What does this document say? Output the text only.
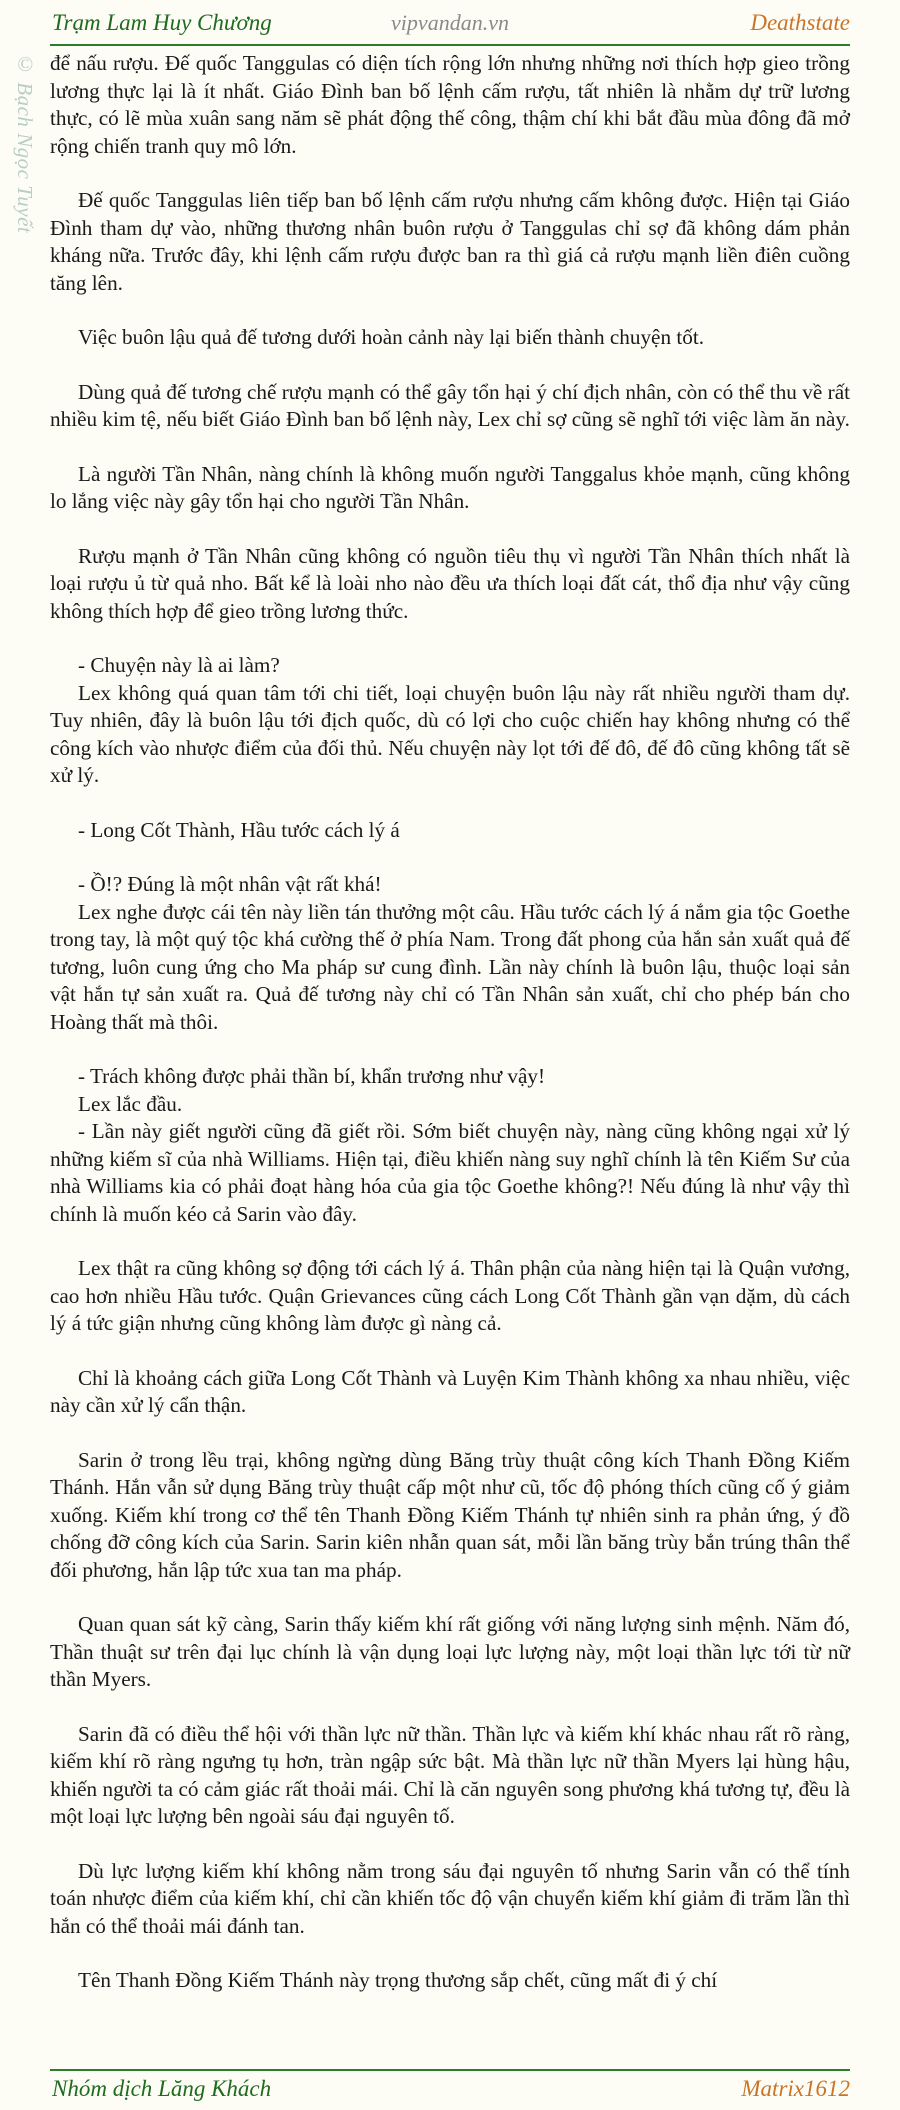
Trạm Lam Huy Chương	vipvandan.vn	Deathstate
© Bạch Ngọc Tuyết để nấu rượu. Đế quốc Tanggulas có diện tích rộng lớn nhưng những nơi thích hợp gieo trồng lương thực lại là ít nhất. Giáo Đình ban bố lệnh cấm rượu, tất nhiên là nhằm dự trữ lương thực, có lẽ mùa xuân sang năm sẽ phát động thế công, thậm chí khi bắt đầu mùa đông đã mở rộng chiến tranh quy mô lớn.

Đế quốc Tanggulas liên tiếp ban bố lệnh cấm rượu nhưng cấm không được. Hiện tại Giáo Đình tham dự vào, những thương nhân buôn rượu ở Tanggulas chỉ sợ đã không dám phản kháng nữa. Trước đây, khi lệnh cấm rượu được ban ra thì giá cả rượu mạnh liền điên cuồng tăng lên.

Việc buôn lậu quả đế tương dưới hoàn cảnh này lại biến thành chuyện tốt.

Dùng quả đế tương chế rượu mạnh có thể gây tổn hại ý chí địch nhân, còn có thể thu về rất nhiều kim tệ, nếu biết Giáo Đình ban bố lệnh này, Lex chỉ sợ cũng sẽ nghĩ tới việc làm ăn này.

Là người Tần Nhân, nàng chính là không muốn người Tanggalus khỏe mạnh, cũng không lo lắng việc này gây tổn hại cho người Tần Nhân.

Rượu mạnh ở Tần Nhân cũng không có nguồn tiêu thụ vì người Tần Nhân thích nhất là loại rượu ủ từ quả nho. Bất kể là loài nho nào đều ưa thích loại đất cát, thổ địa như vậy cũng không thích hợp để gieo trồng lương thức.

- Chuyện này là ai làm?

Lex không quá quan tâm tới chi tiết, loại chuyện buôn lậu này rất nhiều người tham dự. Tuy nhiên, đây là buôn lậu tới địch quốc, dù có lợi cho cuộc chiến hay không nhưng có thể công kích vào nhược điểm của đối thủ. Nếu chuyện này lọt tới đế đô, đế đô cũng không tất sẽ xử lý.

- Long Cốt Thành, Hầu tước cách lý á

- Ồ!? Đúng là một nhân vật rất khá!

Lex nghe được cái tên này liền tán thưởng một câu. Hầu tước cách lý á nắm gia tộc Goethe trong tay, là một quý tộc khá cường thế ở phía Nam. Trong đất phong của hắn sản xuất quả đế tương, luôn cung ứng cho Ma pháp sư cung đình. Lần này chính là buôn lậu, thuộc loại sản vật hắn tự sản xuất ra. Quả đế tương này chỉ có Tần Nhân sản xuất, chỉ cho phép bán cho Hoàng thất mà thôi.

- Trách không được phải thần bí, khẩn trương như vậy!

Lex lắc đầu.

- Lần này giết người cũng đã giết rồi. Sớm biết chuyện này, nàng cũng không ngại xử lý những kiếm sĩ của nhà Williams. Hiện tại, điều khiến nàng suy nghĩ chính là tên Kiếm Sư của nhà Williams kia có phải đoạt hàng hóa của gia tộc Goethe không?! Nếu đúng là như vậy thì chính là muốn kéo cả Sarin vào đây.

Lex thật ra cũng không sợ động tới cách lý á. Thân phận của nàng hiện tại là Quận vương, cao hơn nhiều Hầu tước. Quận Grievances cũng cách Long Cốt Thành gần vạn dặm, dù cách lý á tức giận nhưng cũng không làm được gì nàng cả.

Chỉ là khoảng cách giữa Long Cốt Thành và Luyện Kim Thành không xa nhau nhiều, việc này cần xử lý cẩn thận.

Sarin ở trong lều trại, không ngừng dùng Băng trùy thuật công kích Thanh Đồng Kiếm Thánh. Hắn vẫn sử dụng Băng trùy thuật cấp một như cũ, tốc độ phóng thích cũng cố ý giảm xuống. Kiếm khí trong cơ thể tên Thanh Đồng Kiếm Thánh tự nhiên sinh ra phản ứng, ý đồ chống đỡ công kích của Sarin. Sarin kiên nhẫn quan sát, mỗi lần băng trùy bắn trúng thân thể đối phương, hắn lập tức xua tan ma pháp.

Quan quan sát kỹ càng, Sarin thấy kiếm khí rất giống với năng lượng sinh mệnh. Năm đó, Thần thuật sư trên đại lục chính là vận dụng loại lực lượng này, một loại thần lực tới từ nữ thần Myers.

Sarin đã có điều thể hội với thần lực nữ thần. Thần lực và kiếm khí khác nhau rất rõ ràng, kiếm khí rõ ràng ngưng tụ hơn, tràn ngập sức bật. Mà thần lực nữ thần Myers lại hùng hậu, khiến người ta có cảm giác rất thoải mái. Chỉ là căn nguyên song phương khá tương tự, đều là một loại lực lượng bên ngoài sáu đại nguyên tố.

Dù lực lượng kiếm khí không nằm trong sáu đại nguyên tố nhưng Sarin vẫn có thể tính toán nhược điểm của kiếm khí, chỉ cần khiến tốc độ vận chuyển kiếm khí giảm đi trăm lần thì hắn có thể thoải mái đánh tan.

Tên Thanh Đồng Kiếm Thánh này trọng thương sắp chết, cũng mất đi ý chí

Nhóm dịch Lăng Khách	Matrix1612
